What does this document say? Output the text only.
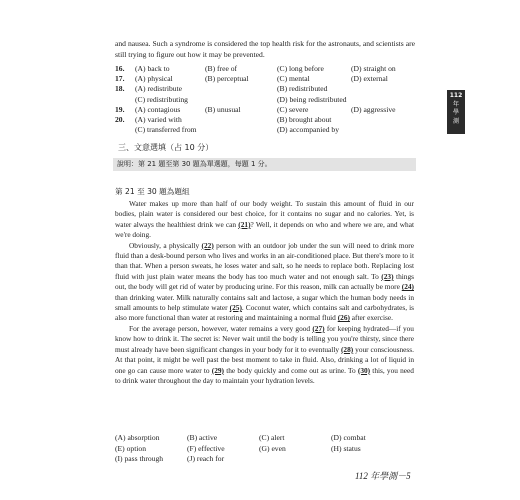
and nausea. Such a syndrome is considered the top health risk for the astronauts, and scientists are still trying to figure out how it may be prevented.
16.	(A) back to	(B) free of	(C) long before	(D) straight on
17.	(A) physical	(B) perceptual	(C) mental	(D) external
18.	(A) redistribute	(B) redistributed
(C) redistributing	(D) being redistributed
19.	(A) contagious	(B) unusual	(C) severe	(D) aggressive
20.	(A) varied with	(B) brought about
(C) transferred from	(D) accompanied by
112
年
學
測
三、文意選填（占 10 分）
說明：第 21 題至第 30 題為單選題，每題 1 分。
第 21 至 30 題為題組

Water makes up more than half of our body weight. To sustain this amount of fluid in our bodies, plain water is considered our best choice, for it contains no sugar and no calories. Yet, is water always the healthiest drink we can (21)? Well, it depends on who and where we are, and what we're doing.

Obviously, a physically (22) person with an outdoor job under the sun will need to drink more fluid than a desk-bound person who lives and works in an air-conditioned place. But there's more to it than that. When a person sweats, he loses water and salt, so he needs to replace both. Replacing lost fluid with just plain water means the body has too much water and not enough salt. To (23) things out, the body will get rid of water by producing urine. For this reason, milk can actually be more (24) than drinking water. Milk naturally contains salt and lactose, a sugar which the human body needs in small amounts to help stimulate water (25). Coconut water, which contains salt and carbohydrates, is also more functional than water at restoring and maintaining a normal fluid (26) after exercise.

For the average person, however, water remains a very good (27) for keeping hydrated—if you know how to drink it. The secret is: Never wait until the body is telling you you're thirsty, since there must already have been significant changes in your body for it to eventually (28) your consciousness. At that point, it might be well past the best moment to take in fluid. Also, drinking a lot of liquid in one go can cause more water to (29) the body quickly and come out as urine. To (30) this, you need to drink water throughout the day to maintain your hydration levels.

(A) absorption	(B) active	(C) alert	(D) combat
(E) option	(F) effective	(G) even	(H) status
(I) pass through	(J) reach for
112 年學測－5
